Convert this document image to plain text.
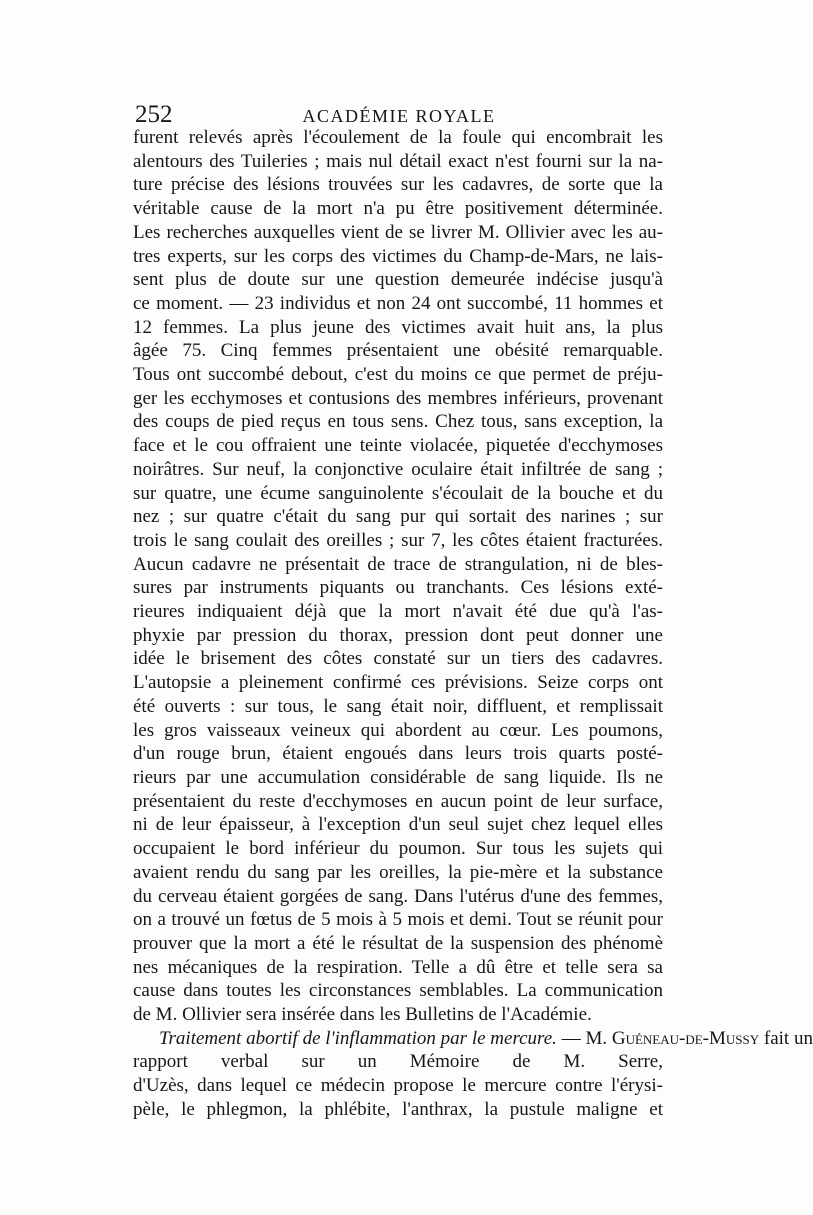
252	ACADÉMIE ROYALE
furent relevés après l'écoulement de la foule qui encombrait les
alentours des Tuileries ; mais nul détail exact n'est fourni sur la na-
ture précise des lésions trouvées sur les cadavres, de sorte que la
véritable cause de la mort n'a pu être positivement déterminée.
Les recherches auxquelles vient de se livrer M. Ollivier avec les au-
tres experts, sur les corps des victimes du Champ-de-Mars, ne lais-
sent plus de doute sur une question demeurée indécise jusqu'à
ce moment. — 23 individus et non 24 ont succombé, 11 hommes et
12 femmes. La plus jeune des victimes avait huit ans, la plus
âgée 75. Cinq femmes présentaient une obésité remarquable.
Tous ont succombé debout, c'est du moins ce que permet de préju-
ger les ecchymoses et contusions des membres inférieurs, provenant
des coups de pied reçus en tous sens. Chez tous, sans exception, la
face et le cou offraient une teinte violacée, piquetée d'ecchymoses
noirâtres. Sur neuf, la conjonctive oculaire était infiltrée de sang ;
sur quatre, une écume sanguinolente s'écoulait de la bouche et du
nez ; sur quatre c'était du sang pur qui sortait des narines ; sur
trois le sang coulait des oreilles ; sur 7, les côtes étaient fracturées.
Aucun cadavre ne présentait de trace de strangulation, ni de bles-
sures par instruments piquants ou tranchants. Ces lésions exté-
rieures indiquaient déjà que la mort n'avait été due qu'à l'as-
phyxie par pression du thorax, pression dont peut donner une
idée le brisement des côtes constaté sur un tiers des cadavres.
L'autopsie a pleinement confirmé ces prévisions. Seize corps ont
été ouverts : sur tous, le sang était noir, diffluent, et remplissait
les gros vaisseaux veineux qui abordent au cœur. Les poumons,
d'un rouge brun, étaient engoués dans leurs trois quarts posté-
rieurs par une accumulation considérable de sang liquide. Ils ne
présentaient du reste d'ecchymoses en aucun point de leur surface,
ni de leur épaisseur, à l'exception d'un seul sujet chez lequel elles
occupaient le bord inférieur du poumon. Sur tous les sujets qui
avaient rendu du sang par les oreilles, la pie-mère et la substance
du cerveau étaient gorgées de sang. Dans l'utérus d'une des femmes,
on a trouvé un fœtus de 5 mois à 5 mois et demi. Tout se réunit pour
prouver que la mort a été le résultat de la suspension des phénomè
nes mécaniques de la respiration. Telle a dû être et telle sera sa
cause dans toutes les circonstances semblables. La communication
de M. Ollivier sera insérée dans les Bulletins de l'Académie.
Traitement abortif de l'inflammation par le mercure. — M. Guéneau-de-Mussy fait un
rapport verbal sur un Mémoire de M. Serre,
d'Uzès, dans lequel ce médecin propose le mercure contre l'érysi-
pèle, le phlegmon, la phlébite, l'anthrax, la pustule maligne et
